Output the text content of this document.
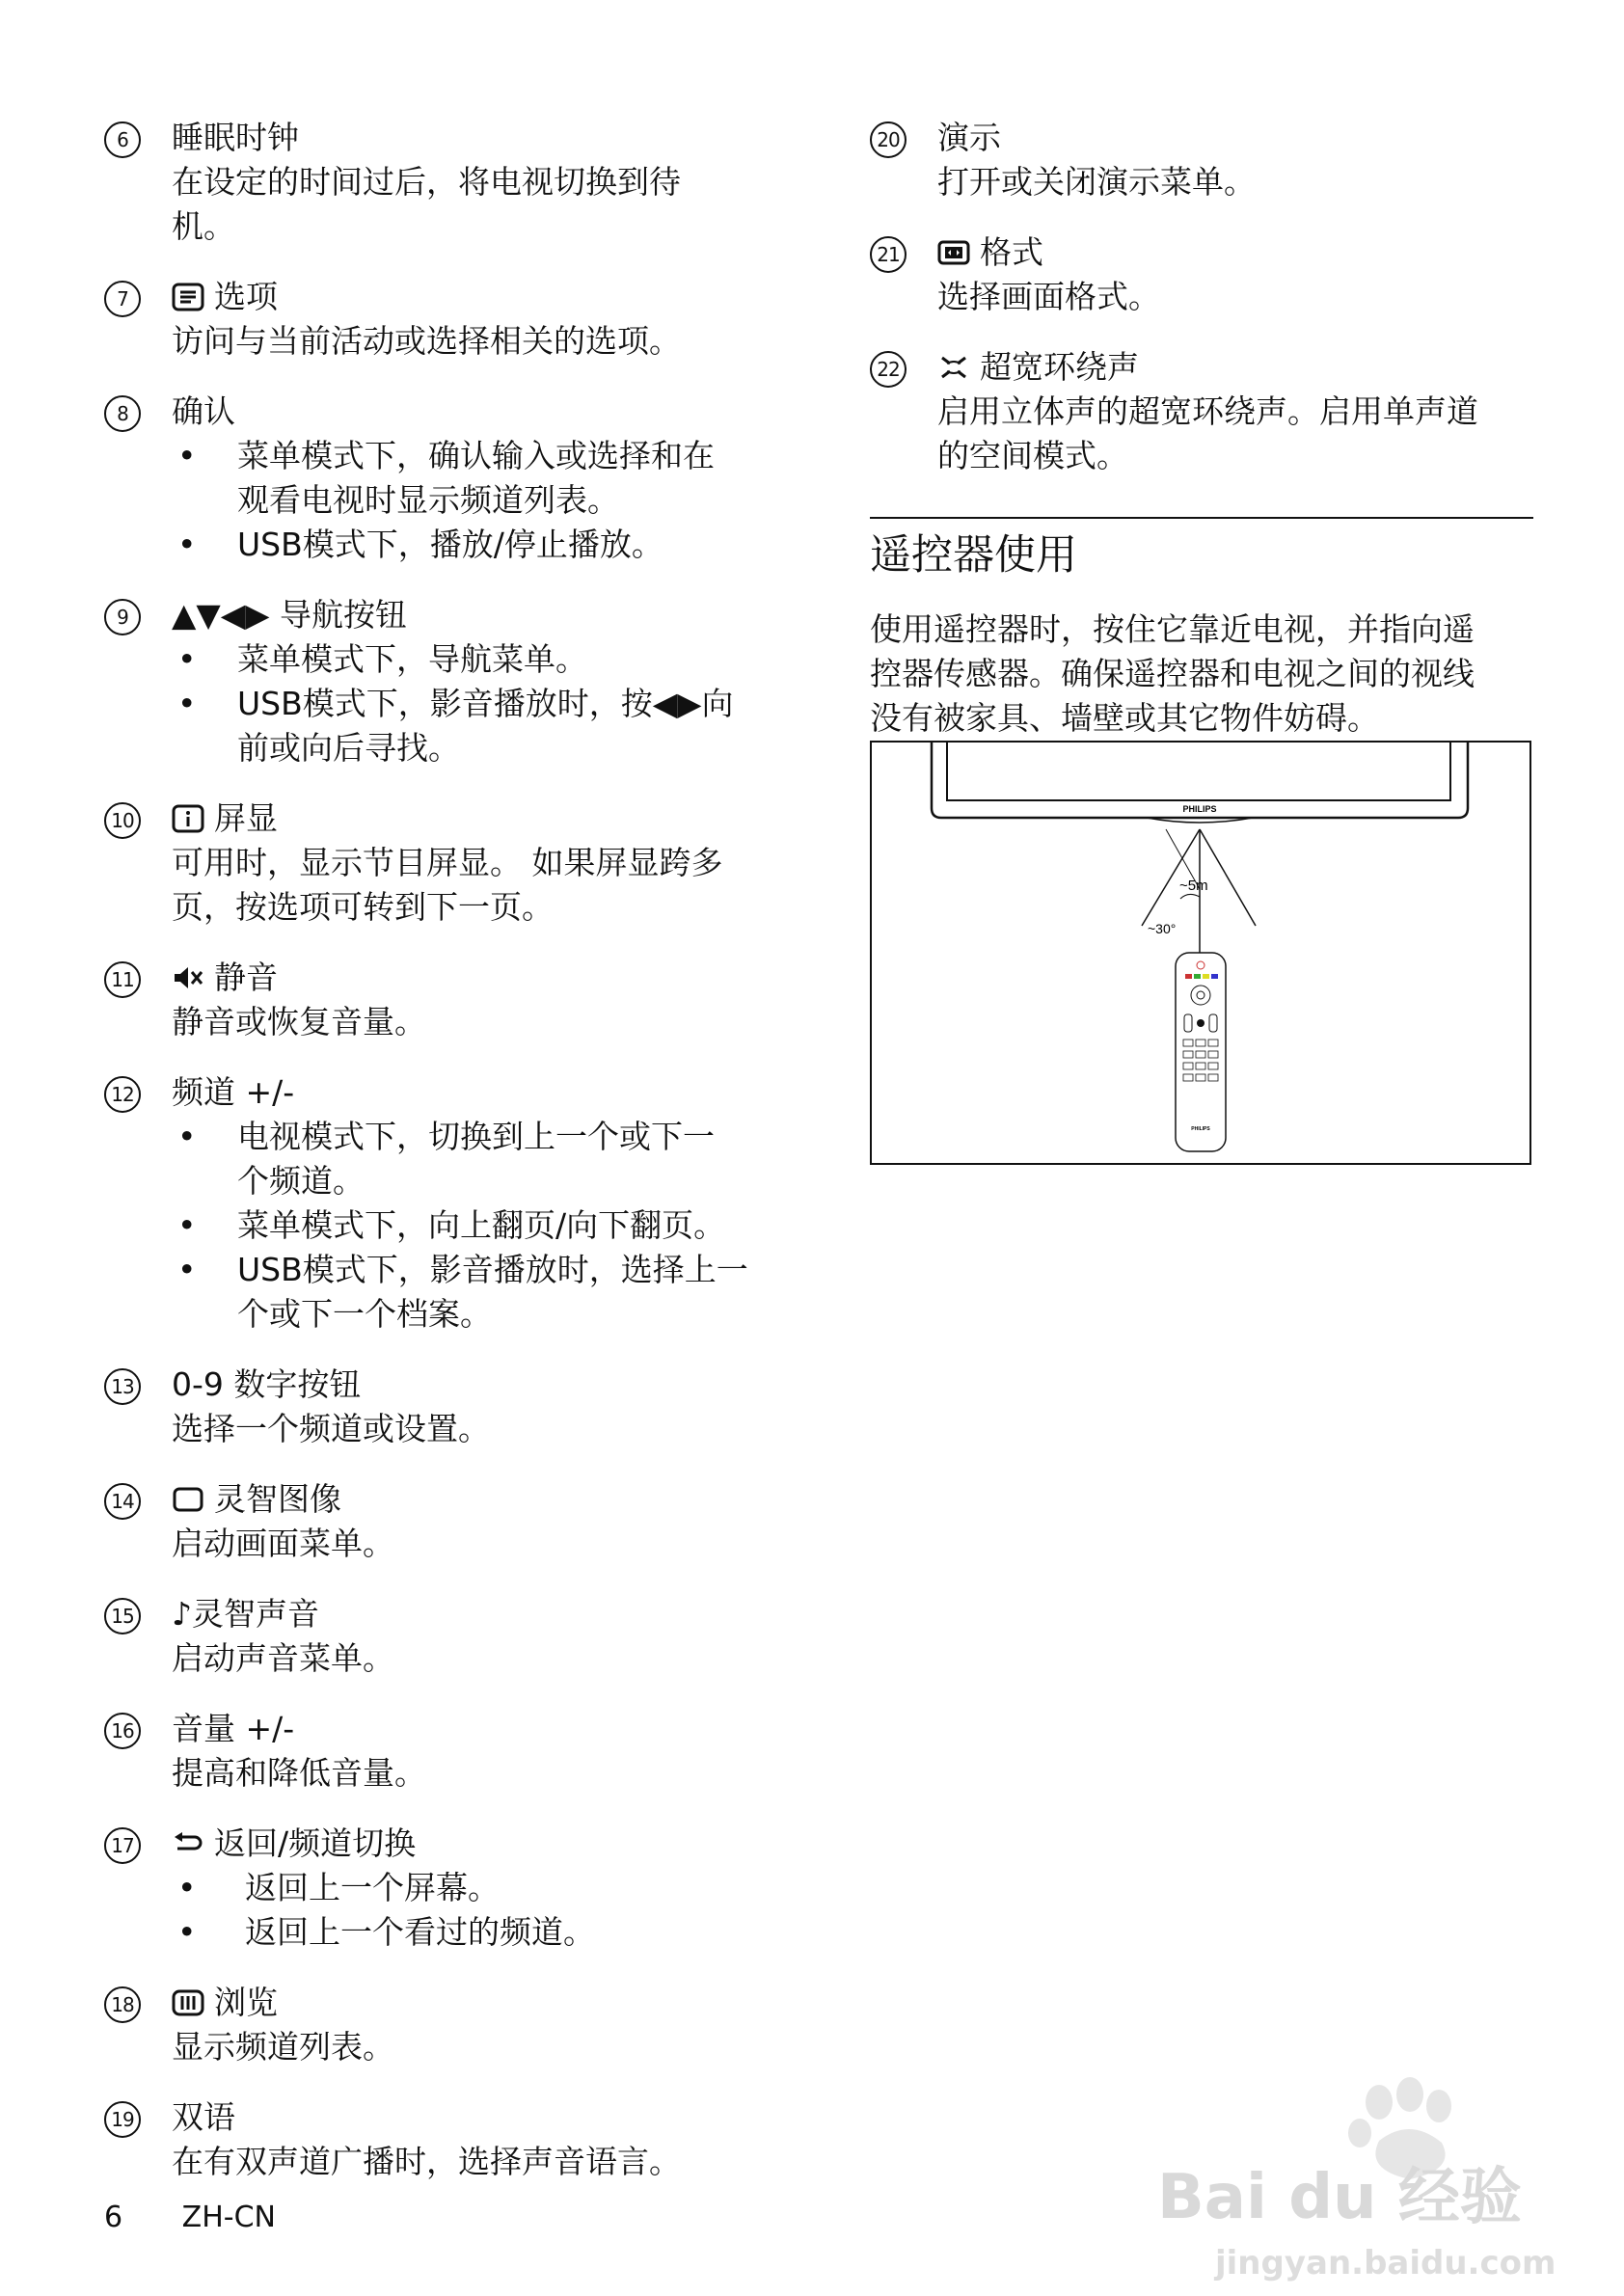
6	睡眠时钟
在设定的时间过后，将电视切换到待
机。
7	选项
访问与当前活动或选择相关的选项。
8	确认
• 菜单模式下，确认输入或选择和在
观看电视时显示频道列表。
• USB模式下，播放/停止播放。
9	▲▼◀▶ 导航按钮
• 菜单模式下，导航菜单。
• USB模式下，影音播放时，按◀▶向
前或向后寻找。
10	屏显
可用时，显示节目屏显。 如果屏显跨多
页，按选项可转到下一页。
11	静音
静音或恢复音量。
12 频道 +/-
• 电视模式下，切换到上一个或下一
个频道。
• 菜单模式下，向上翻页/向下翻页。
• USB模式下，影音播放时，选择上一
个或下一个档案。
13 0-9 数字按钮
选择一个频道或设置。
14	灵智图像
启动画面菜单。
15 ♪灵智声音
启动声音菜单。
16 音量 +/-
提高和降低音量。
17	返回/频道切换
• 返回上一个屏幕。
• 返回上一个看过的频道。
18	浏览
显示频道列表。
19 双语
在有双声道广播时，选择声音语言。
20 演示
打开或关闭演示菜单。
21	格式
选择画面格式。
22	超宽环绕声
启用立体声的超宽环绕声。启用单声道
的空间模式。
遥控器使用

使用遥控器时，按住它靠近电视，并指向遥

控器传感器。确保遥控器和电视之间的视线

没有被家具、墙壁或其它物件妨碍。

PHILIPS
~5m
~30°
PHILIPS
6 ZH-CN	Bai du 经验
jingyan.baidu.com
